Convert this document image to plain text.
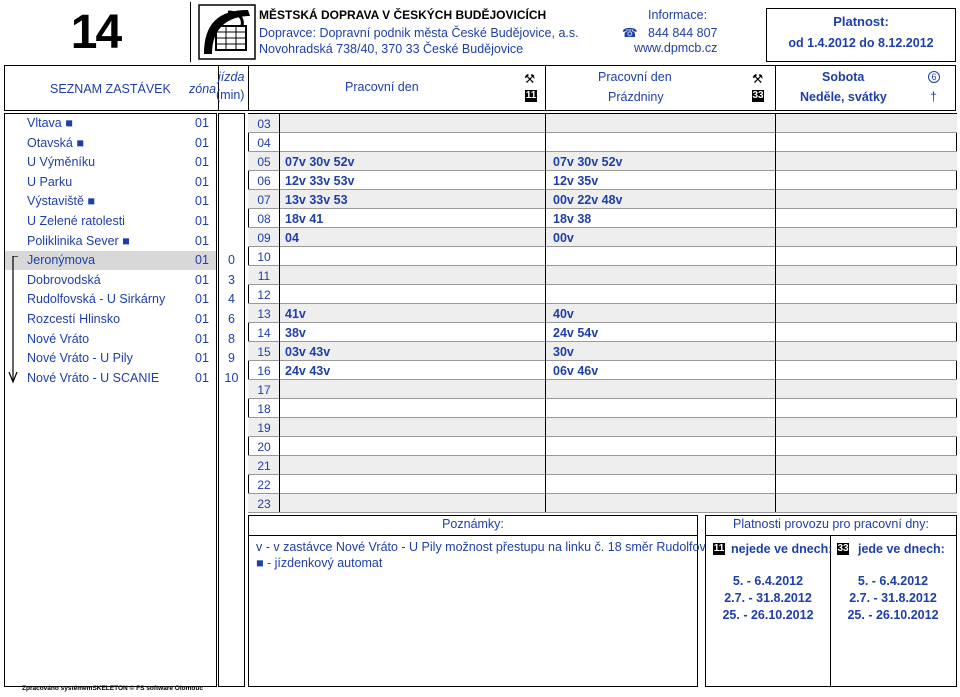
14	MĚSTSKÁ DOPRAVA V ČESKÝCH BUDĚJOVICÍCH
Dopravce: Dopravní podnik města České Budějovice, a.s.
Novohradská 738/40, 370 33 České Budějovice
Informace:
☎ 844 844 807
www.dpmcb.cz
Platnost:
od 1.4.2012 do 8.12.2012
SEZNAM ZASTÁVEK zóna
jízda
(min)
Pracovní den
⚒
11
Pracovní den
Prázdniny
⚒
33
Sobota
Neděle, svátky
6
†
Vltava ■	01
Otavská ■	01
U Výměníku	01
U Parku	01
Výstaviště ■	01
U Zelené ratolesti	01
Poliklinika Sever ■	01
Jeronýmova	01	0
Dobrovodská	01	3
Rudolfovská - U Sirkárny 01	4
Rozcestí Hlinsko	01	6
Nové Vráto	01	8
Nové Vráto - U Pily	01	9
Nové Vráto - U SCANIE	01	10
03
04
05	07v 30v 52v	07v 30v 52v
06	12v 33v 53v	12v 35v
07	13v 33v 53	00v 22v 48v
08	18v 41	18v 38
09	04	00v
10
11
12
13	41v	40v
14	38v	24v 54v
15	03v 43v	30v
16	24v 43v	06v 46v
17
18
19
20
21
22
23
Poznámky:
v - v zastávce Nové Vráto - U Pily možnost přestupu na linku č. 18 směr Rudolfov
■ - jízdenkový automat
Platnosti provozu pro pracovní dny:
11 nejede ve dnech: 33 jede ve dnech:
5. - 6.4.2012
2.7. - 31.8.2012
25. - 26.10.2012
5. - 6.4.2012
2.7. - 31.8.2012
25. - 26.10.2012
Zpracováno systémemSKELETON © FS software Olomouc
